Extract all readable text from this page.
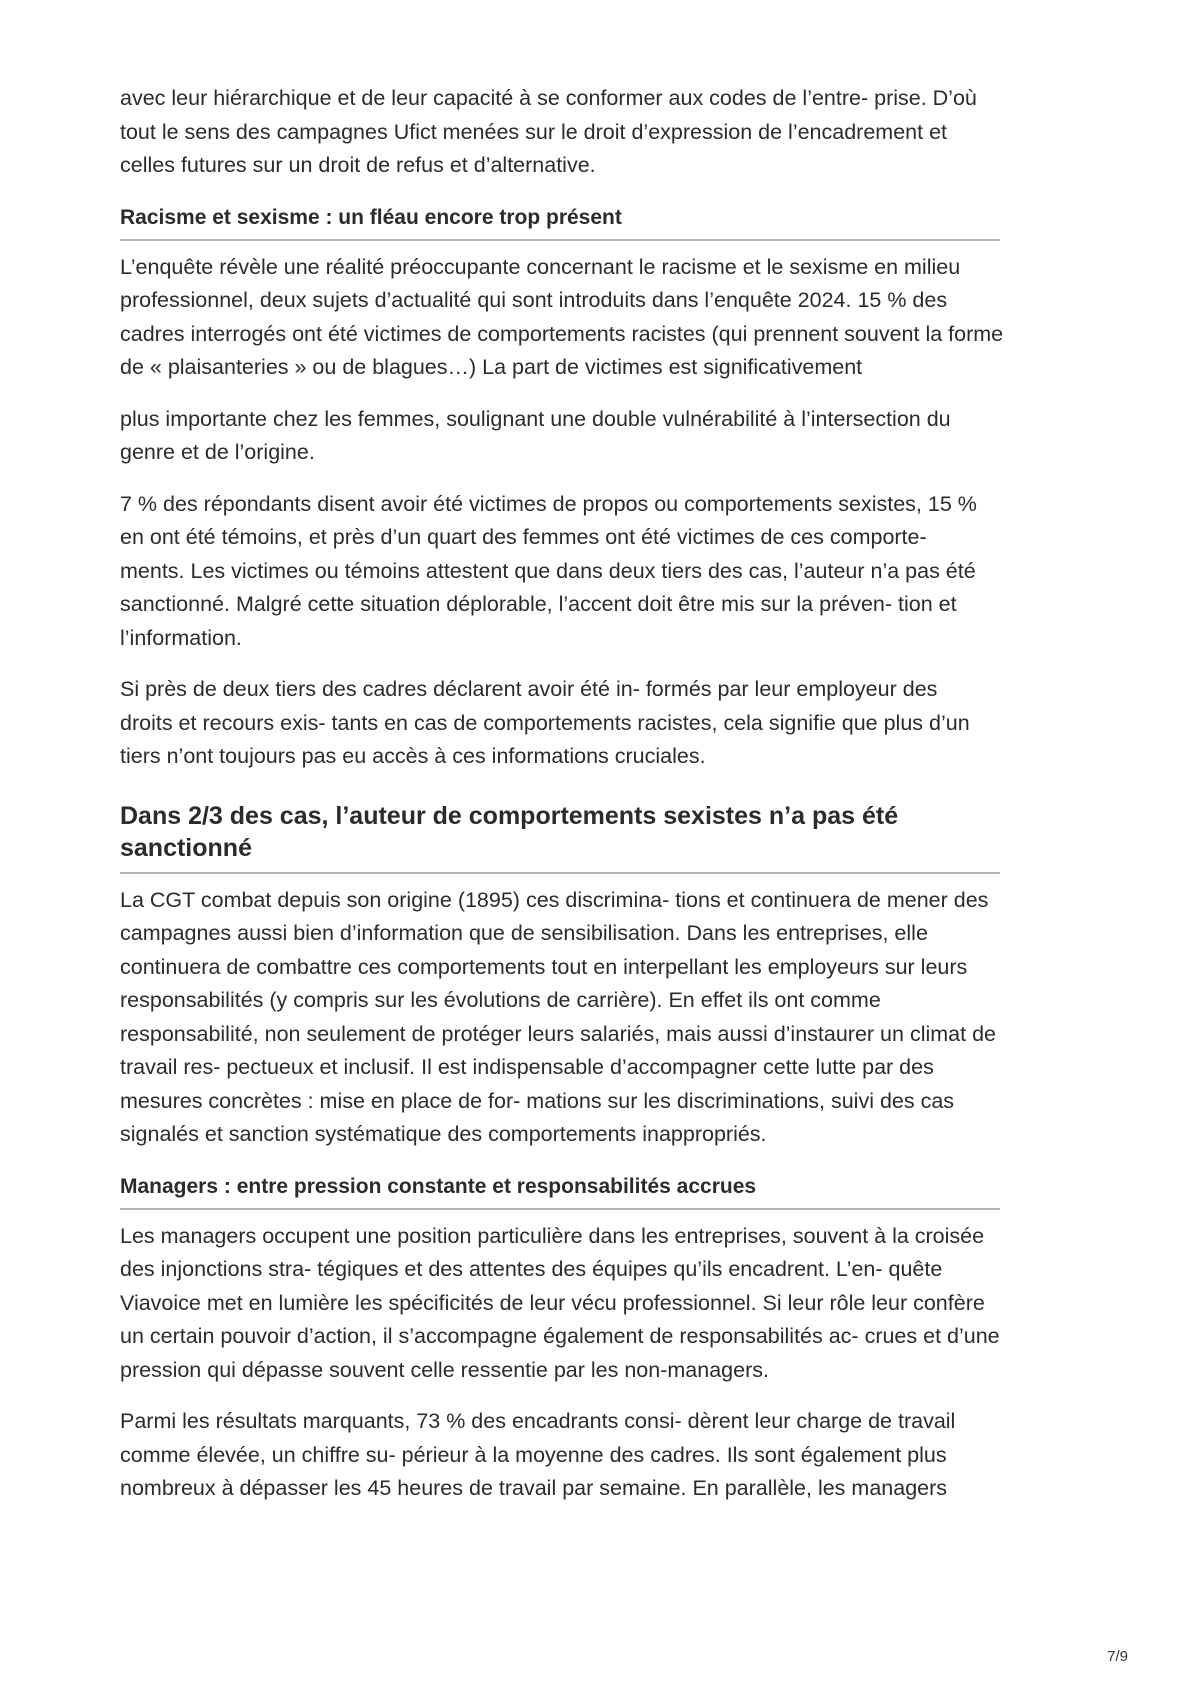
avec leur hiérarchique et de leur capacité à se conformer aux codes de l’entre- prise. D’où tout le sens des campagnes Ufict menées sur le droit d’expression de l’encadrement et celles futures sur un droit de refus et d’alternative.

Racisme et sexisme : un fléau encore trop présent

L’enquête révèle une réalité préoccupante concernant le racisme et le sexisme en milieu professionnel, deux sujets d’actualité qui sont introduits dans l’enquête 2024. 15 % des cadres interrogés ont été victimes de comportements racistes (qui prennent souvent la forme de « plaisanteries » ou de blagues…) La part de victimes est significativement

plus importante chez les femmes, soulignant une double vulnérabilité à l’intersection du genre et de l’origine.

7 % des répondants disent avoir été victimes de propos ou comportements sexistes, 15 % en ont été témoins, et près d’un quart des femmes ont été victimes de ces comporte- ments. Les victimes ou témoins attestent que dans deux tiers des cas, l’auteur n’a pas été sanctionné. Malgré cette situation déplorable, l’accent doit être mis sur la préven- tion et l’information.

Si près de deux tiers des cadres déclarent avoir été in- formés par leur employeur des droits et recours exis- tants en cas de comportements racistes, cela signifie que plus d’un tiers n’ont toujours pas eu accès à ces informations cruciales.

Dans 2/3 des cas, l’auteur de comportements sexistes n’a pas été sanctionné

La CGT combat depuis son origine (1895) ces discrimina- tions et continuera de mener des campagnes aussi bien d’information que de sensibilisation. Dans les entreprises, elle continuera de combattre ces comportements tout en interpellant les employeurs sur leurs responsabilités (y compris sur les évolutions de carrière). En effet ils ont comme responsabilité, non seulement de protéger leurs salariés, mais aussi d’instaurer un climat de travail res- pectueux et inclusif. Il est indispensable d’accompagner cette lutte par des mesures concrètes : mise en place de for- mations sur les discriminations, suivi des cas signalés et sanction systématique des comportements inappropriés.

Managers : entre pression constante et responsabilités accrues

Les managers occupent une position particulière dans les entreprises, souvent à la croisée des injonctions stra- tégiques et des attentes des équipes qu’ils encadrent. L’en- quête Viavoice met en lumière les spécificités de leur vécu professionnel. Si leur rôle leur confère un certain pouvoir d’action, il s’accompagne également de responsabilités ac- crues et d’une pression qui dépasse souvent celle ressentie par les non-managers.

Parmi les résultats marquants, 73 % des encadrants consi- dèrent leur charge de travail comme élevée, un chiffre su- périeur à la moyenne des cadres. Ils sont également plus nombreux à dépasser les 45 heures de travail par semaine. En parallèle, les managers

7/9
